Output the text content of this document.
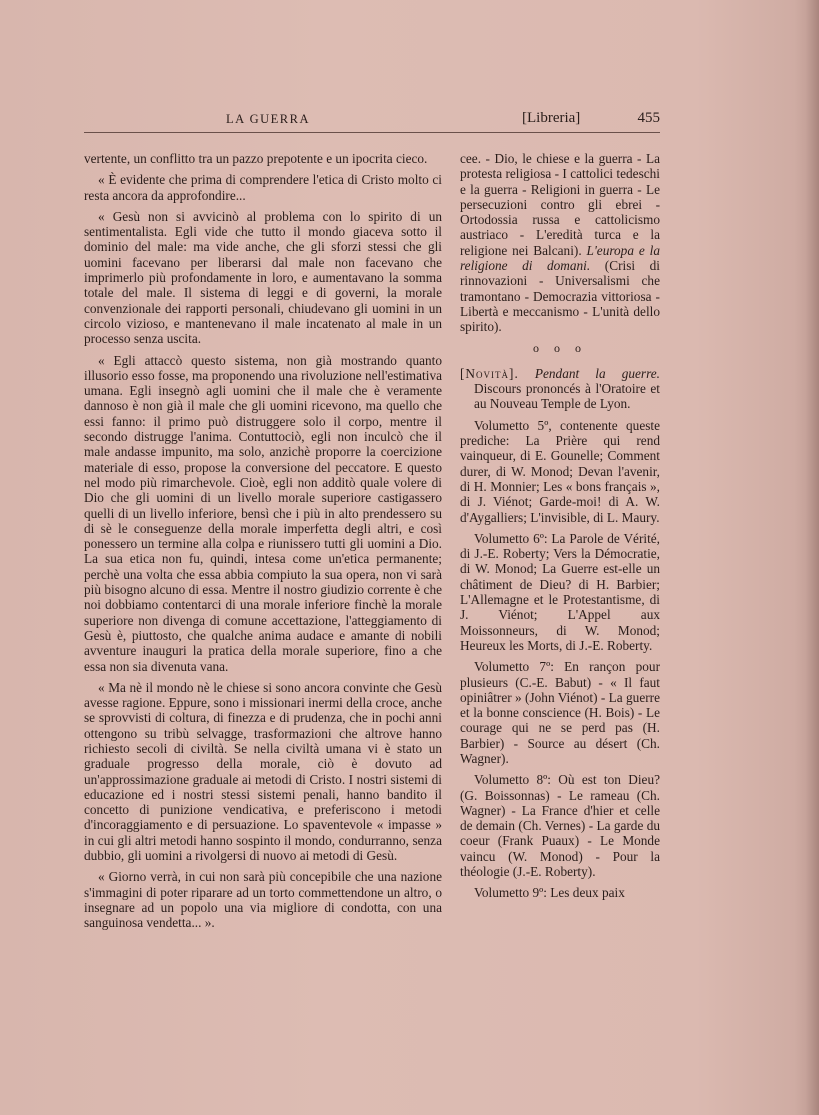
LA GUERRA	[Libreria]	455

vertente, un conflitto tra un pazzo prepotente e un ipocrita cieco.

« È evidente che prima di comprendere l'etica di Cristo molto ci resta ancora da approfondire...

« Gesù non si avvicinò al problema con lo spirito di un sentimentalista. Egli vide che tutto il mondo giaceva sotto il dominio del male: ma vide anche, che gli sforzi stessi che gli uomini facevano per liberarsi dal male non facevano che imprimerlo più profondamente in loro, e aumentavano la somma totale del male. Il sistema di leggi e di governi, la morale convenzionale dei rapporti personali, chiudevano gli uomini in un circolo vizioso, e mantenevano il male incatenato al male in un processo senza uscita.

« Egli attaccò questo sistema, non già mostrando quanto illusorio esso fosse, ma proponendo una rivoluzione nell'estimativa umana. Egli insegnò agli uomini che il male che è veramente dannoso è non già il male che gli uomini ricevono, ma quello che essi fanno: il primo può distruggere solo il corpo, mentre il secondo distrugge l'anima. Contuttociò, egli non inculcò che il male andasse impunito, ma solo, anzichè proporre la coercizione materiale di esso, propose la conversione del peccatore. E questo nel modo più rimarchevole. Cioè, egli non additò quale volere di Dio che gli uomini di un livello morale superiore castigassero quelli di un livello inferiore, bensì che i più in alto prendessero su di sè le conseguenze della morale imperfetta degli altri, e così ponessero un termine alla colpa e riunissero tutti gli uomini a Dio. La sua etica non fu, quindi, intesa come un'etica permanente; perchè una volta che essa abbia compiuto la sua opera, non vi sarà più bisogno alcuno di essa. Mentre il nostro giudizio corrente è che noi dobbiamo contentarci di una morale inferiore finchè la morale superiore non divenga di comune accettazione, l'atteggiamento di Gesù è, piuttosto, che qualche anima audace e amante di nobili avventure inauguri la pratica della morale superiore, fino a che essa non sia divenuta vana.

« Ma nè il mondo nè le chiese si sono ancora convinte che Gesù avesse ragione. Eppure, sono i missionari inermi della croce, anche se sprovvisti di coltura, di finezza e di prudenza, che in pochi anni ottengono su tribù selvagge, trasformazioni che altrove hanno richiesto secoli di civiltà. Se nella civiltà umana vi è stato un graduale progresso della morale, ciò è dovuto ad un'approssimazione graduale ai metodi di Cristo. I nostri sistemi di educazione ed i nostri stessi sistemi penali, hanno bandito il concetto di punizione vendicativa, e preferiscono i metodi d'incoraggiamento e di persuazione. Lo spaventevole « impasse » in cui gli altri metodi hanno sospinto il mondo, condurranno, senza dubbio, gli uomini a rivolgersi di nuovo ai metodi di Gesù.

« Giorno verrà, in cui non sarà più concepibile che una nazione s'immagini di poter riparare ad un torto commettendone un altro, o insegnare ad un popolo una via migliore di condotta, con una sanguinosa vendetta... ».

cee. - Dio, le chiese e la guerra - La protesta religiosa - I cattolici tedeschi e la guerra - Religioni in guerra - Le persecuzioni contro gli ebrei - Ortodossia russa e cattolicismo austriaco - L'eredità turca e la religione nei Balcani). L'europa e la religione di domani. (Crisi di rinnovazioni - Universalismi che tramontano - Democrazia vittoriosa - Libertà e meccanismo - L'unità dello spirito).

o o o

[Novità]. Pendant la guerre. Discours prononcés à l'Oratoire et au Nouveau Temple de Lyon.

Volumetto 5º, contenente queste prediche: La Prière qui rend vainqueur, di E. Gounelle; Comment durer, di W. Monod; Devan l'avenir, di H. Monnier; Les « bons français », di J. Viénot; Garde-moi! di A. W. d'Aygalliers; L'invisible, di L. Maury.

Volumetto 6º: La Parole de Vérité, di J.-E. Roberty; Vers la Démocratie, di W. Monod; La Guerre est-elle un châtiment de Dieu? di H. Barbier; L'Allemagne et le Protestantisme, di J. Viénot; L'Appel aux Moissonneurs, di W. Monod; Heureux les Morts, di J.-E. Roberty.

Volumetto 7º: En rançon pour plusieurs (C.-E. Babut) - « Il faut opiniâtrer » (John Viénot) - La guerre et la bonne conscience (H. Bois) - Le courage qui ne se perd pas (H. Barbier) - Source au désert (Ch. Wagner).

Volumetto 8º: Où est ton Dieu? (G. Boissonnas) - Le rameau (Ch. Wagner) - La France d'hier et celle de demain (Ch. Vernes) - La garde du coeur (Frank Puaux) - Le Monde vaincu (W. Monod) - Pour la théologie (J.-E. Roberty).

Volumetto 9º: Les deux paix
